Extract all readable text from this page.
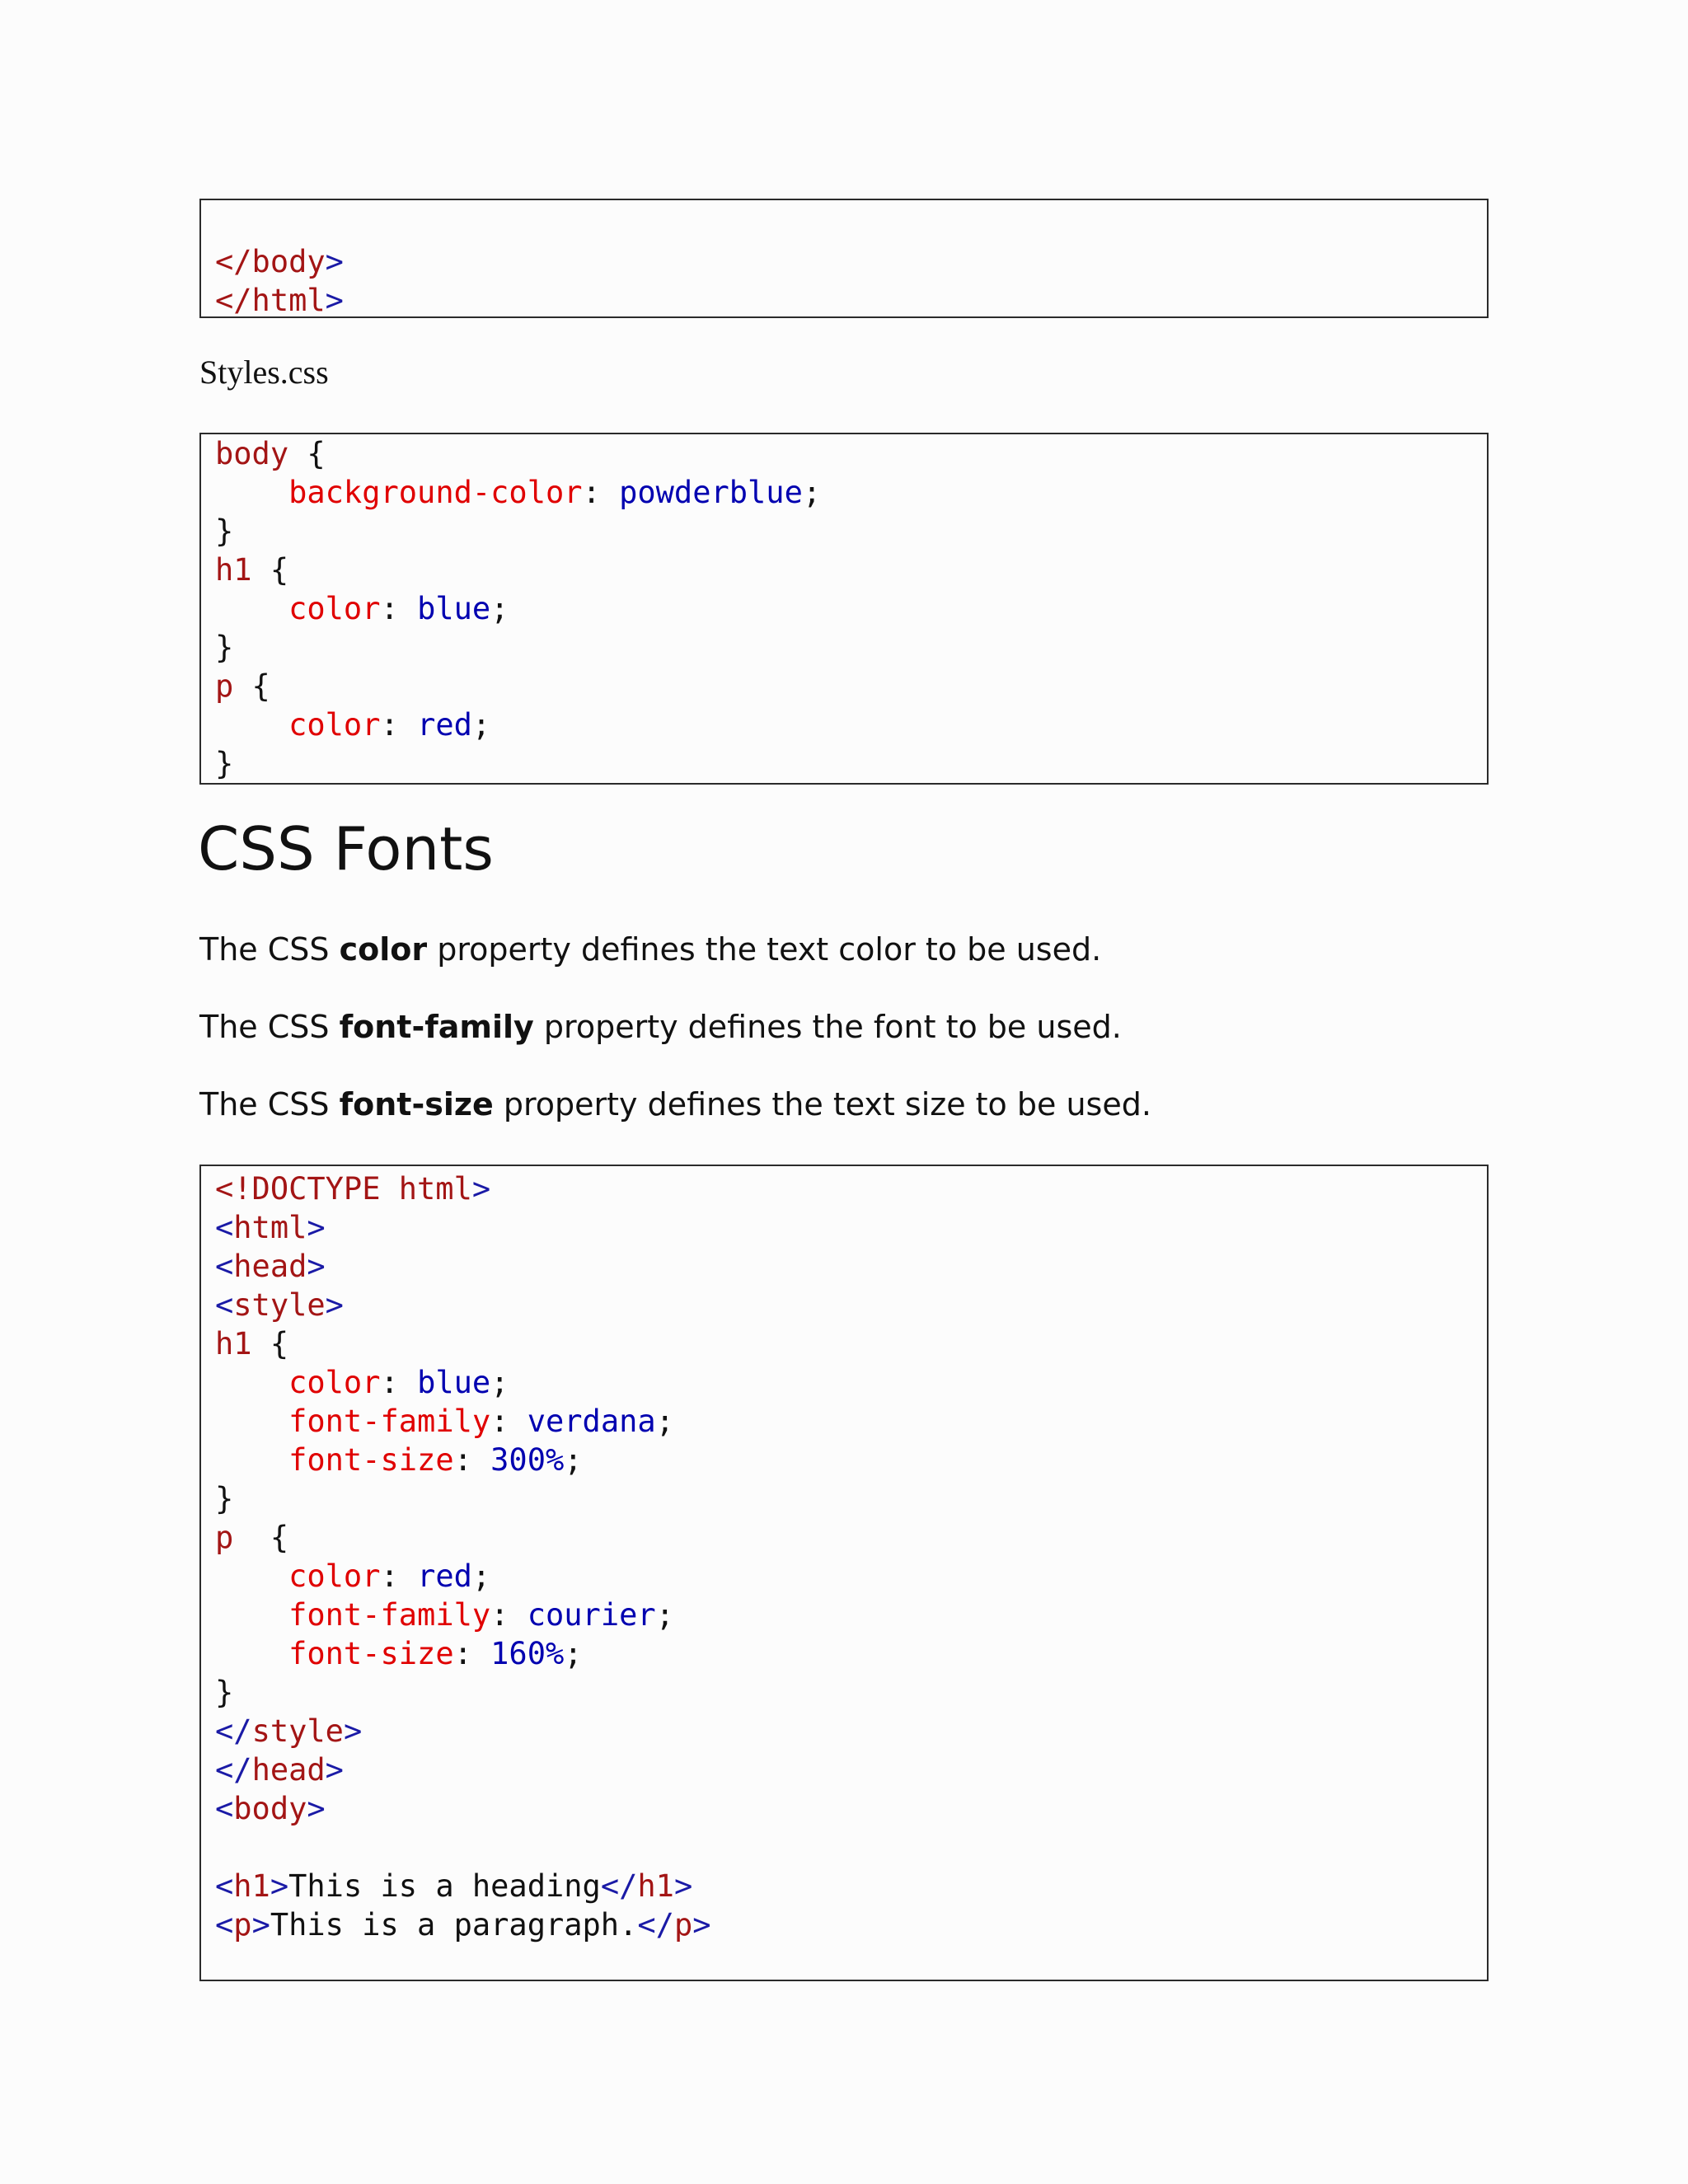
</body>
</html>
Styles.css
body {
background-color: powderblue;
}
h1 {
color: blue;
}
p {
color: red;
}
CSS Fonts

The CSS color property defines the text color to be used.

The CSS font-family property defines the font to be used.

The CSS font-size property defines the text size to be used.

<!DOCTYPE html>
<html>
<head>
<style>
h1 {
color: blue;
font-family: verdana;
font-size: 300%;
}
p  {
color: red;
font-family: courier;
font-size: 160%;
}
</style>
</head>
<body>
<h1>This is a heading</h1>
<p>This is a paragraph.</p>
